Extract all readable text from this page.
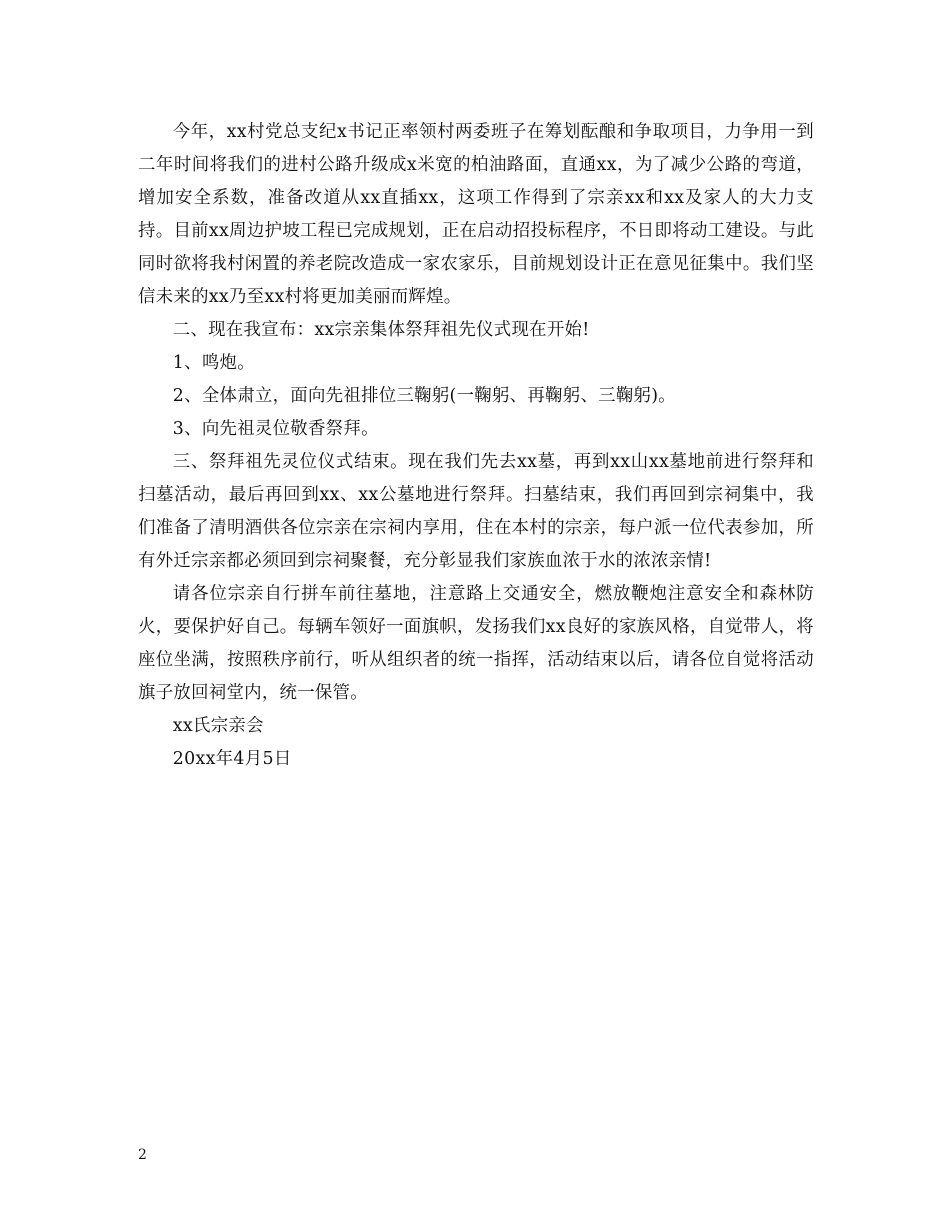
今年，xx村党总支纪x书记正率领村两委班子在筹划酝酿和争取项目，力争用一到二年时间将我们的进村公路升级成x米宽的柏油路面，直通xx，为了减少公路的弯道，增加安全系数，准备改道从xx直插xx，这项工作得到了宗亲xx和xx及家人的大力支持。目前xx周边护坡工程已完成规划，正在启动招投标程序，不日即将动工建设。与此同时欲将我村闲置的养老院改造成一家农家乐，目前规划设计正在意见征集中。我们坚信未来的xx乃至xx村将更加美丽而辉煌。

二、现在我宣布：xx宗亲集体祭拜祖先仪式现在开始!

1、鸣炮。

2、全体肃立，面向先祖排位三鞠躬(一鞠躬、再鞠躬、三鞠躬)。

3、向先祖灵位敬香祭拜。

三、祭拜祖先灵位仪式结束。现在我们先去xx墓，再到xx山xx墓地前进行祭拜和扫墓活动，最后再回到xx、xx公墓地进行祭拜。扫墓结束，我们再回到宗祠集中，我们准备了清明酒供各位宗亲在宗祠内享用，住在本村的宗亲，每户派一位代表参加，所有外迁宗亲都必须回到宗祠聚餐，充分彰显我们家族血浓于水的浓浓亲情!

请各位宗亲自行拼车前往墓地，注意路上交通安全，燃放鞭炮注意安全和森林防火，要保护好自己。每辆车领好一面旗帜，发扬我们xx良好的家族风格，自觉带人，将座位坐满，按照秩序前行，听从组织者的统一指挥，活动结束以后，请各位自觉将活动旗子放回祠堂内，统一保管。

xx氏宗亲会
20xx年4月5日
2
